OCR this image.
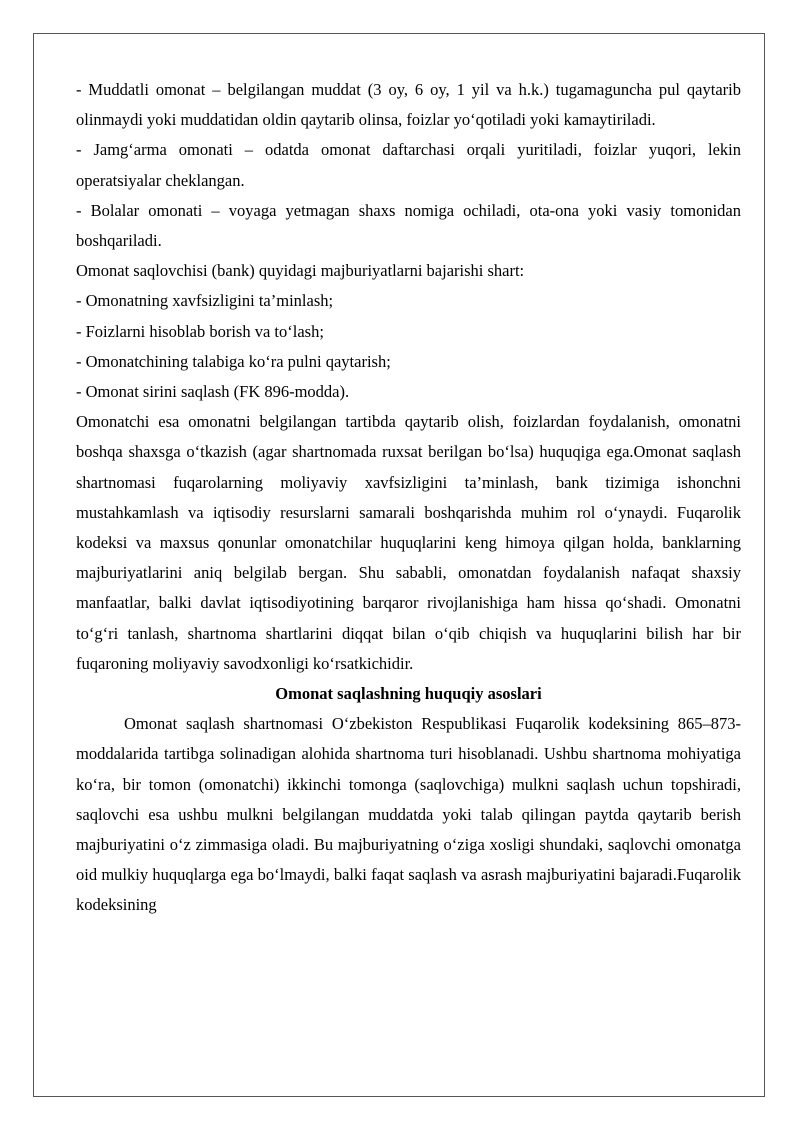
- Muddatli omonat – belgilangan muddat (3 oy, 6 oy, 1 yil va h.k.) tugamaguncha pul qaytarib olinmaydi yoki muddatidan oldin qaytarib olinsa, foizlar yo‘qotiladi yoki kamaytiriladi.

- Jamg‘arma omonati – odatda omonat daftarchasi orqali yuritiladi, foizlar yuqori, lekin operatsiyalar cheklangan.

- Bolalar omonati – voyaga yetmagan shaxs nomiga ochiladi, ota-ona yoki vasiy tomonidan boshqariladi.

Omonat saqlovchisi (bank) quyidagi majburiyatlarni bajarishi shart:

- Omonatning xavfsizligini ta’minlash;

- Foizlarni hisoblab borish va to‘lash;

- Omonatchining talabiga ko‘ra pulni qaytarish;

- Omonat sirini saqlash (FK 896-modda).

Omonatchi esa omonatni belgilangan tartibda qaytarib olish, foizlardan foydalanish, omonatni boshqa shaxsga o‘tkazish (agar shartnomada ruxsat berilgan bo‘lsa) huquqiga ega.Omonat saqlash shartnomasi fuqarolarning moliyaviy xavfsizligini ta’minlash, bank tizimiga ishonchni mustahkamlash va iqtisodiy resurslarni samarali boshqarishda muhim rol o‘ynaydi. Fuqarolik kodeksi va maxsus qonunlar omonatchilar huquqlarini keng himoya qilgan holda, banklarning majburiyatlarini aniq belgilab bergan. Shu sababli, omonatdan foydalanish nafaqat shaxsiy manfaatlar, balki davlat iqtisodiyotining barqaror rivojlanishiga ham hissa qo‘shadi. Omonatni to‘g‘ri tanlash, shartnoma shartlarini diqqat bilan o‘qib chiqish va huquqlarini bilish har bir fuqaroning moliyaviy savodxonligi ko‘rsatkichidir.

Omonat saqlashning huquqiy asoslari

Omonat saqlash shartnomasi O‘zbekiston Respublikasi Fuqarolik kodeksining 865–873-moddalarida tartibga solinadigan alohida shartnoma turi hisoblanadi. Ushbu shartnoma mohiyatiga ko‘ra, bir tomon (omonatchi) ikkinchi tomonga (saqlovchiga) mulkni saqlash uchun topshiradi, saqlovchi esa ushbu mulkni belgilangan muddatda yoki talab qilingan paytda qaytarib berish majburiyatini o‘z zimmasiga oladi. Bu majburiyatning o‘ziga xosligi shundaki, saqlovchi omonatga oid mulkiy huquqlarga ega bo‘lmaydi, balki faqat saqlash va asrash majburiyatini bajaradi.Fuqarolik kodeksining
